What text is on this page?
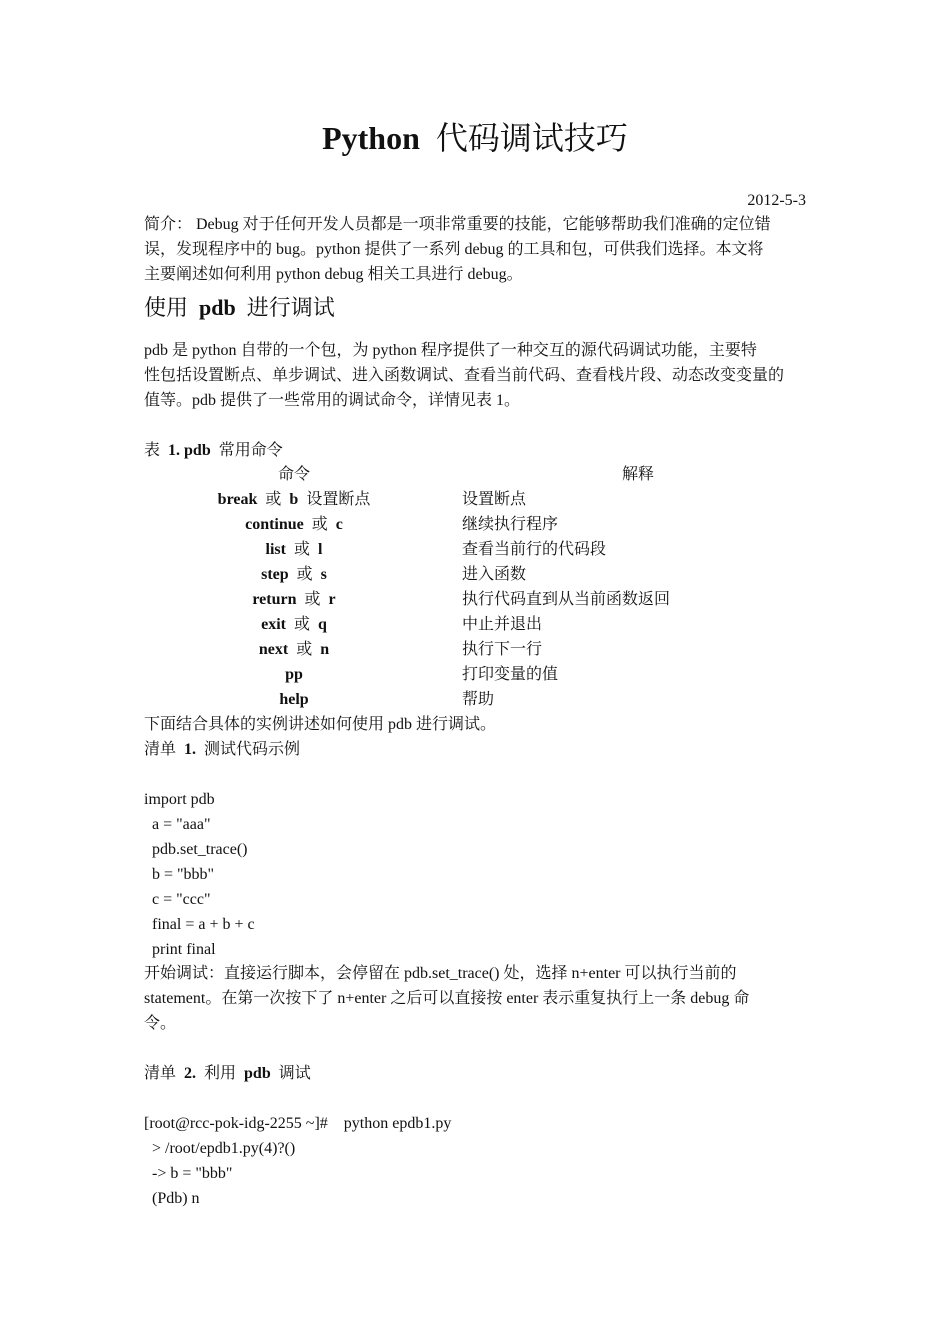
Python 代码调试技巧
2012-5-3
简介： Debug 对于任何开发人员都是一项非常重要的技能，它能够帮助我们准确的定位错
误，发现程序中的 bug。python 提供了一系列 debug 的工具和包，可供我们选择。本文将
主要阐述如何利用 python debug 相关工具进行 debug。
使用 pdb 进行调试
pdb 是 python 自带的一个包，为 python 程序提供了一种交互的源代码调试功能，主要特
性包括设置断点、单步调试、进入函数调试、查看当前代码、查看栈片段、动态改变变量的
值等。pdb 提供了一些常用的调试命令，详情见表 1。
表 1. pdb 常用命令
命令	解释
break 或 b 设置断点	设置断点
continue 或 c	继续执行程序
list 或 l	查看当前行的代码段
step 或 s	进入函数
return 或 r	执行代码直到从当前函数返回
exit 或 q	中止并退出
next 或 n	执行下一行
pp	打印变量的值
help	帮助
下面结合具体的实例讲述如何使用 pdb 进行调试。
清单 1. 测试代码示例
import pdb
a = "aaa"
pdb.set_trace()
b = "bbb"
c = "ccc"
final = a + b + c
print final
开始调试：直接运行脚本，会停留在 pdb.set_trace() 处，选择 n+enter 可以执行当前的
statement。在第一次按下了 n+enter 之后可以直接按 enter 表示重复执行上一条 debug 命
令。
清单 2. 利用 pdb 调试
[root@rcc-pok-idg-2255 ~]#    python epdb1.py
> /root/epdb1.py(4)?()
-> b = "bbb"
(Pdb) n
